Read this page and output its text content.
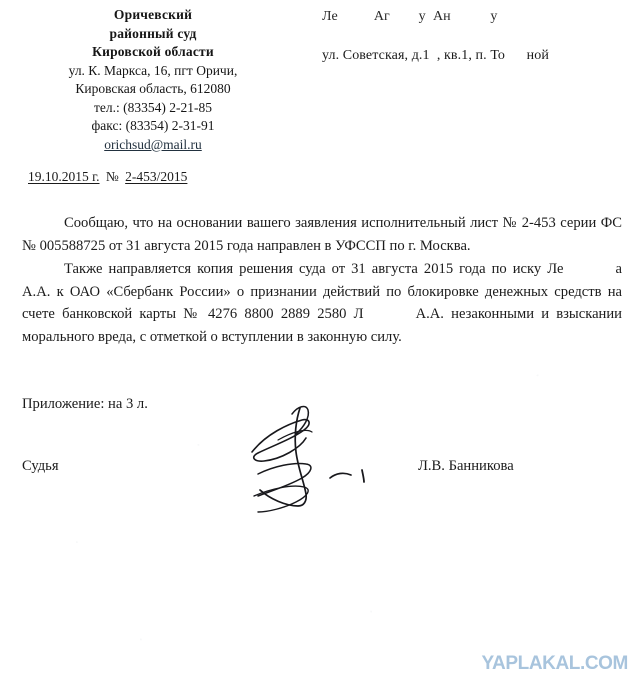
Оричевский
районный суд
Кировской области
ул. К. Маркса, 16, пгт Оричи,
Кировская область, 612080
тел.: (83354) 2-21-85
факс: (83354) 2-31-91
orichsud@mail.ru
Ле          Аг        у  Ан           у
ул. Советская, д.1  , кв.1, п. То      ной
19.10.2015 г. № 2-453/2015

Сообщаю, что на основании вашего заявления исполнительный лист № 2-453 серии ФС № 005588725 от 31 августа 2015 года направлен в УФССП по г. Москва.

Также направляется копия решения суда от 31 августа 2015 года по иску Ле	а А.А. к ОАО «Сбербанк России» о признании действий по блокировке денежных средств на счете банковской карты № 4276 8800 2889 2580 Л	А.А. незаконными и взыскании морального вреда, с отметкой о вступлении в законную силу.

Приложение: на 3 л.
Судья	Л.В. Банникова
YAPLAKAL.COM
